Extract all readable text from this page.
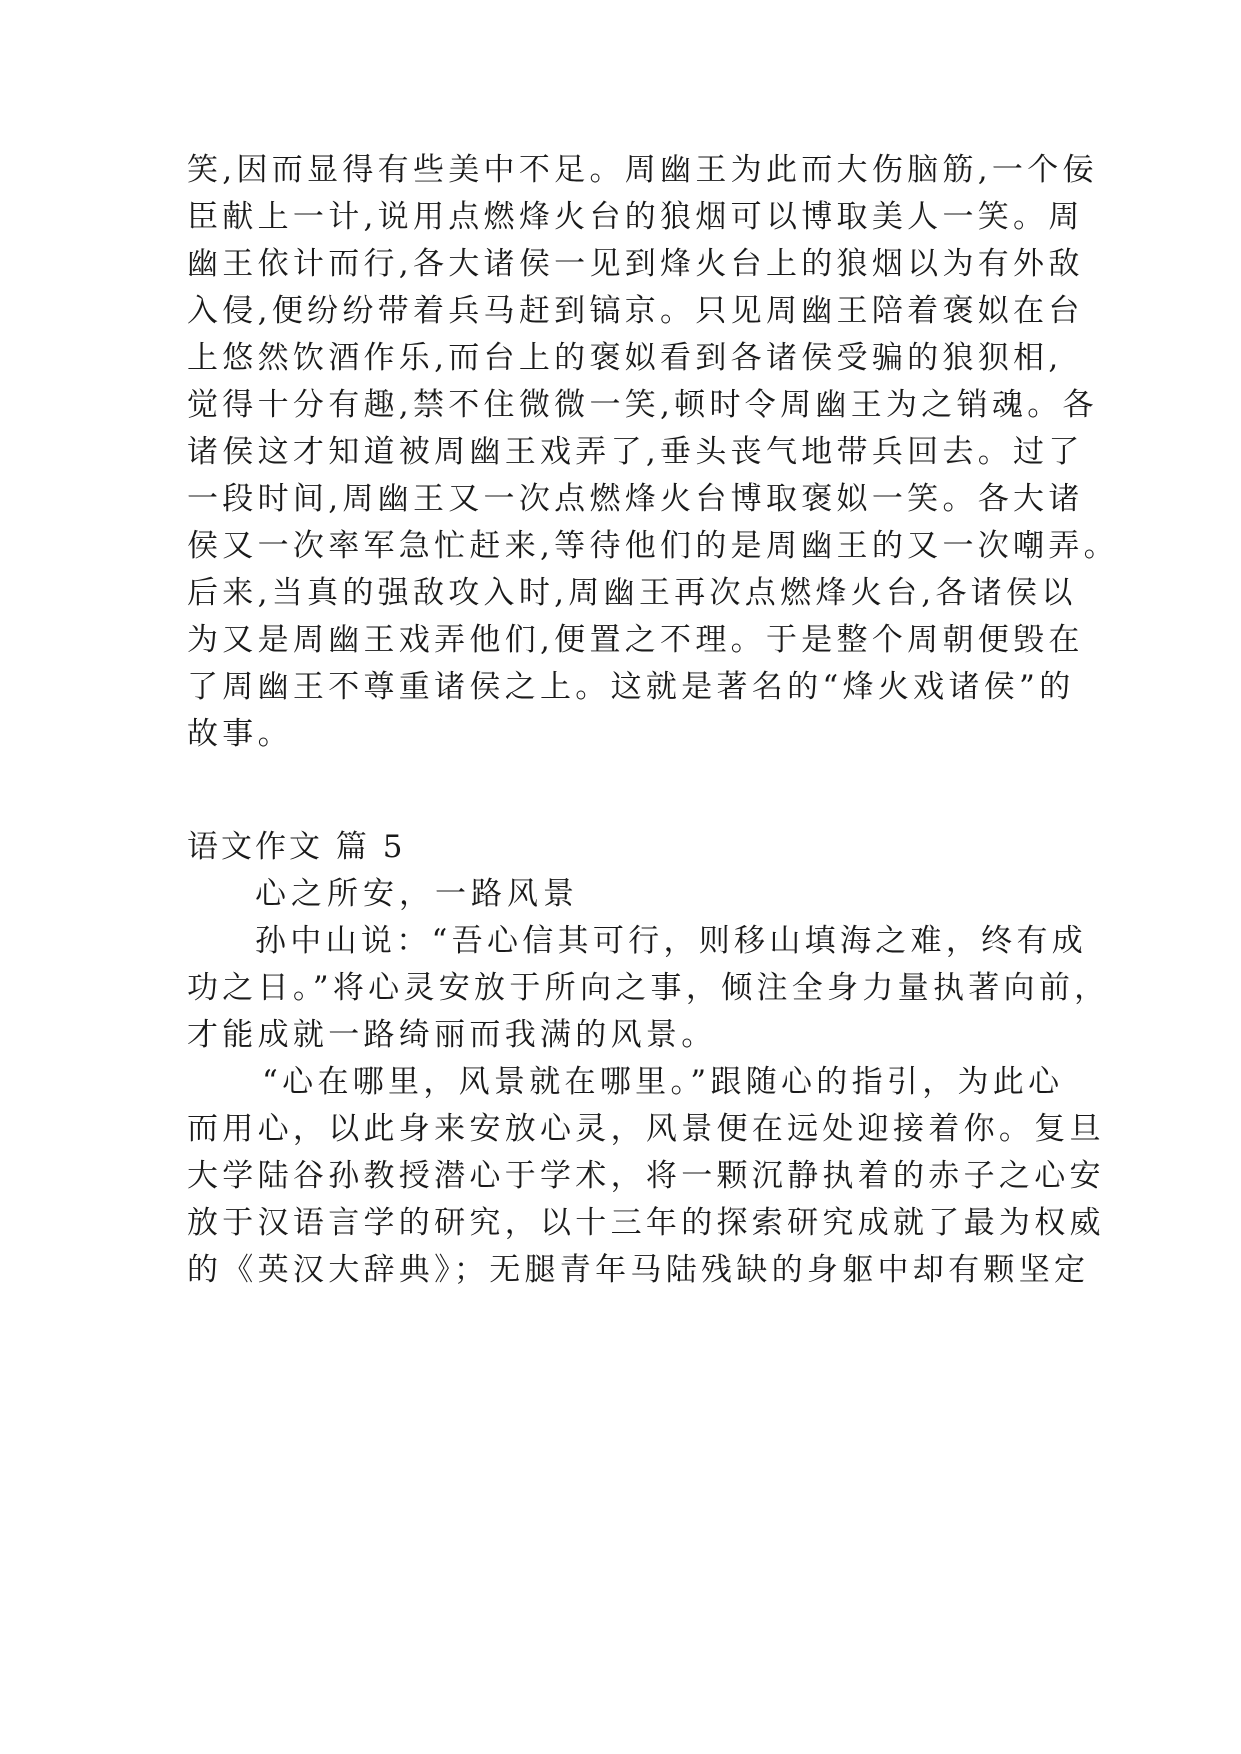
笑,因而显得有些美中不足。周幽王为此而大伤脑筋,一个佞
臣献上一计,说用点燃烽火台的狼烟可以博取美人一笑。周
幽王依计而行,各大诸侯一见到烽火台上的狼烟以为有外敌
入侵,便纷纷带着兵马赶到镐京。只见周幽王陪着褒姒在台
上悠然饮酒作乐,而台上的褒姒看到各诸侯受骗的狼狈相,
觉得十分有趣,禁不住微微一笑,顿时令周幽王为之销魂。各
诸侯这才知道被周幽王戏弄了,垂头丧气地带兵回去。过了
一段时间,周幽王又一次点燃烽火台博取褒姒一笑。各大诸
侯又一次率军急忙赶来,等待他们的是周幽王的又一次嘲弄。
后来,当真的强敌攻入时,周幽王再次点燃烽火台,各诸侯以
为又是周幽王戏弄他们,便置之不理。于是整个周朝便毁在
了周幽王不尊重诸侯之上。这就是著名的“烽火戏诸侯”的
故事。
语文作文 篇 5
心之所安，一路风景
孙中山说：“吾心信其可行，则移山填海之难，终有成
功之日。”将心灵安放于所向之事，倾注全身力量执著向前，
才能成就一路绮丽而我满的风景。
“心在哪里，风景就在哪里。”跟随心的指引，为此心
而用心，以此身来安放心灵，风景便在远处迎接着你。复旦
大学陆谷孙教授潜心于学术，将一颗沉静执着的赤子之心安
放于汉语言学的研究，以十三年的探索研究成就了最为权威
的《英汉大辞典》；无腿青年马陆残缺的身躯中却有颗坚定
